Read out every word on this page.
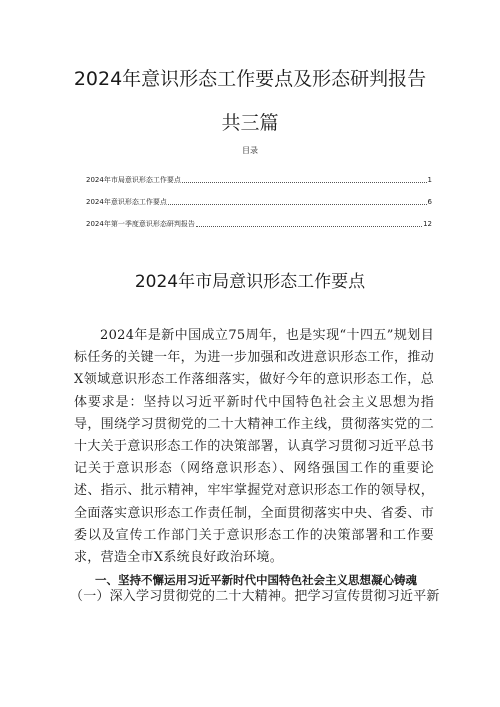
2024年意识形态工作要点及形态研判报告
共三篇
目录
2024年市局意识形态工作要点	1
2024年意识形态工作要点	6
2024年第一季度意识形态研判报告	12
2024年市局意识形态工作要点

2024年是新中国成立75周年，也是实现“十四五”规划目标任务的关键一年，为进一步加强和改进意识形态工作，推动X领域意识形态工作落细落实，做好今年的意识形态工作，总体要求是：坚持以习近平新时代中国特色社会主义思想为指导，围绕学习贯彻党的二十大精神工作主线，贯彻落实党的二十大关于意识形态工作的决策部署，认真学习贯彻习近平总书记关于意识形态（网络意识形态）、网络强国工作的重要论述、指示、批示精神，牢牢掌握党对意识形态工作的领导权，全面落实意识形态工作责任制，全面贯彻落实中央、省委、市委以及宣传工作部门关于意识形态工作的决策部署和工作要求，营造全市X系统良好政治环境。

一、坚持不懈运用习近平新时代中国特色社会主义思想凝心铸魂
（一）深入学习贯彻党的二十大精神。把学习宣传贯彻习近平新
